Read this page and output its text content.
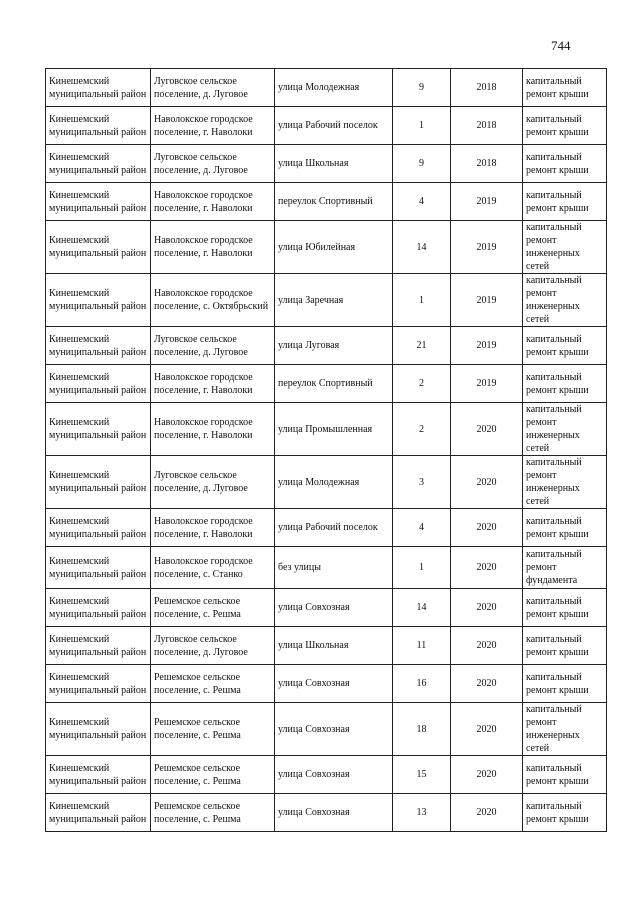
744
Кинешемский муниципальный район	Луговское сельское поселение, д. Луговое	улица Молодежная	9	2018	капитальный ремонт крыши
Кинешемский муниципальный район	Наволокское городское поселение, г. Наволоки	улица Рабочий поселок	1	2018	капитальный ремонт крыши
Кинешемский муниципальный район	Луговское сельское поселение, д. Луговое	улица Школьная	9	2018	капитальный ремонт крыши
Кинешемский муниципальный район	Наволокское городское поселение, г. Наволоки	переулок Спортивный	4	2019	капитальный ремонт крыши
Кинешемский муниципальный район	Наволокское городское поселение, г. Наволоки	улица Юбилейная	14	2019	капитальный ремонт инженерных сетей
Кинешемский муниципальный район	Наволокское городское поселение, с. Октябрьский	улица Заречная	1	2019	капитальный ремонт инженерных сетей
Кинешемский муниципальный район	Луговское сельское поселение, д. Луговое	улица Луговая	21	2019	капитальный ремонт крыши
Кинешемский муниципальный район	Наволокское городское поселение, г. Наволоки	переулок Спортивный	2	2019	капитальный ремонт крыши
Кинешемский муниципальный район	Наволокское городское поселение, г. Наволоки	улица Промышленная	2	2020	капитальный ремонт инженерных сетей
Кинешемский муниципальный район	Луговское сельское поселение, д. Луговое	улица Молодежная	3	2020	капитальный ремонт инженерных сетей
Кинешемский муниципальный район	Наволокское городское поселение, г. Наволоки	улица Рабочий поселок	4	2020	капитальный ремонт крыши
Кинешемский муниципальный район	Наволокское городское поселение, с. Станко	без улицы	1	2020	капитальный ремонт фундамента
Кинешемский муниципальный район	Решемское сельское поселение, с. Решма	улица Совхозная	14	2020	капитальный ремонт крыши
Кинешемский муниципальный район	Луговское сельское поселение, д. Луговое	улица Школьная	11	2020	капитальный ремонт крыши
Кинешемский муниципальный район	Решемское сельское поселение, с. Решма	улица Совхозная	16	2020	капитальный ремонт крыши
Кинешемский муниципальный район	Решемское сельское поселение, с. Решма	улица Совхозная	18	2020	капитальный ремонт инженерных сетей
Кинешемский муниципальный район	Решемское сельское поселение, с. Решма	улица Совхозная	15	2020	капитальный ремонт крыши
Кинешемский муниципальный район	Решемское сельское поселение, с. Решма	улица Совхозная	13	2020	капитальный ремонт крыши
